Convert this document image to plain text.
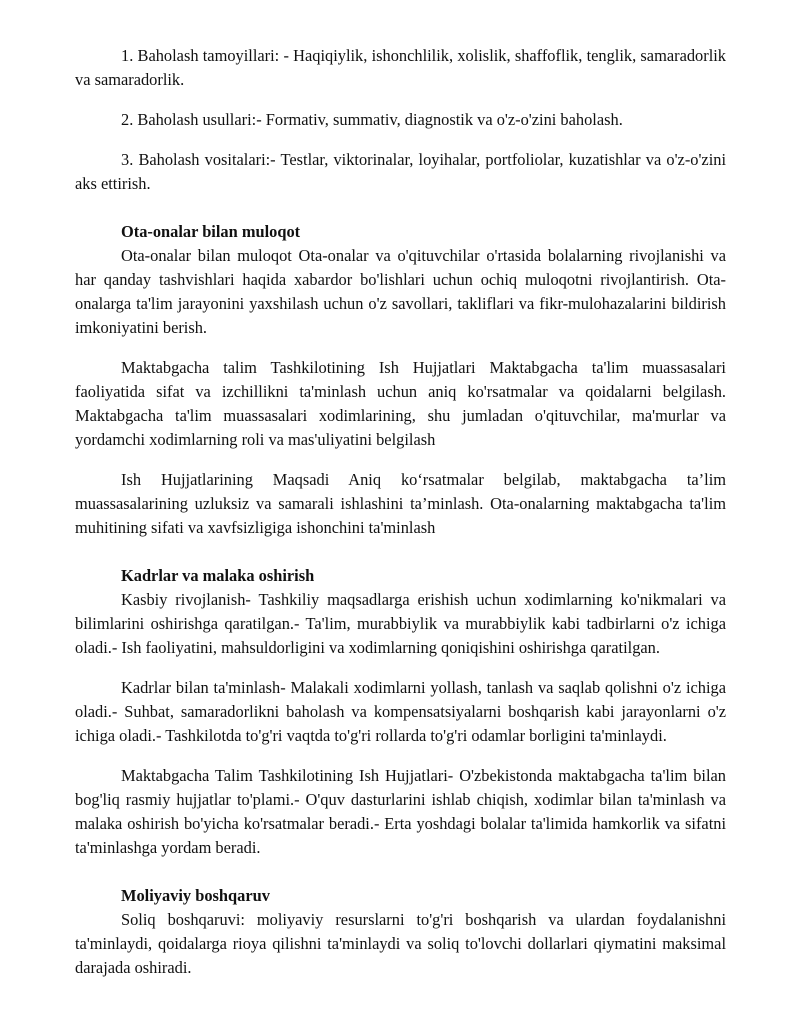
1. Baholash tamoyillari: - Haqiqiylik, ishonchlilik, xolislik, shaffoflik, tenglik, samaradorlik va samaradorlik.

2. Baholash usullari:- Formativ, summativ, diagnostik va o'z-o'zini baholash.

3. Baholash vositalari:- Testlar, viktorinalar, loyihalar, portfoliolar, kuzatishlar va o'z-o'zini aks ettirish.

Ota-onalar bilan muloqot

Ota-onalar bilan muloqot Ota-onalar va o'qituvchilar o'rtasida bolalarning rivojlanishi va har qanday tashvishlari haqida xabardor bo'lishlari uchun ochiq muloqotni rivojlantirish. Ota-onalarga ta'lim jarayonini yaxshilash uchun o'z savollari, takliflari va fikr-mulohazalarini bildirish imkoniyatini berish.

Maktabgacha talim Tashkilotining Ish Hujjatlari Maktabgacha ta'lim muassasalari faoliyatida sifat va izchillikni ta'minlash uchun aniq ko'rsatmalar va qoidalarni belgilash. Maktabgacha ta'lim muassasalari xodimlarining, shu jumladan o'qituvchilar, ma'murlar va yordamchi xodimlarning roli va mas'uliyatini belgilash

Ish Hujjatlarining Maqsadi Aniq ko‘rsatmalar belgilab, maktabgacha ta’lim muassasalarining uzluksiz va samarali ishlashini ta’minlash. Ota-onalarning maktabgacha ta'lim muhitining sifati va xavfsizligiga ishonchini ta'minlash

Kadrlar va malaka oshirish

Kasbiy rivojlanish- Tashkiliy maqsadlarga erishish uchun xodimlarning ko'nikmalari va bilimlarini oshirishga qaratilgan.- Ta'lim, murabbiylik va murabbiylik kabi tadbirlarni o'z ichiga oladi.- Ish faoliyatini, mahsuldorligini va xodimlarning qoniqishini oshirishga qaratilgan.

Kadrlar bilan ta'minlash- Malakali xodimlarni yollash, tanlash va saqlab qolishni o'z ichiga oladi.- Suhbat, samaradorlikni baholash va kompensatsiyalarni boshqarish kabi jarayonlarni o'z ichiga oladi.- Tashkilotda to'g'ri vaqtda to'g'ri rollarda to'g'ri odamlar borligini ta'minlaydi.

Maktabgacha Talim Tashkilotining Ish Hujjatlari- O'zbekistonda maktabgacha ta'lim bilan bog'liq rasmiy hujjatlar to'plami.- O'quv dasturlarini ishlab chiqish, xodimlar bilan ta'minlash va malaka oshirish bo'yicha ko'rsatmalar beradi.- Erta yoshdagi bolalar ta'limida hamkorlik va sifatni ta'minlashga yordam beradi.

Moliyaviy boshqaruv

Soliq boshqaruvi: moliyaviy resurslarni to'g'ri boshqarish va ulardan foydalanishni ta'minlaydi, qoidalarga rioya qilishni ta'minlaydi va soliq to'lovchi dollarlari qiymatini maksimal darajada oshiradi.
